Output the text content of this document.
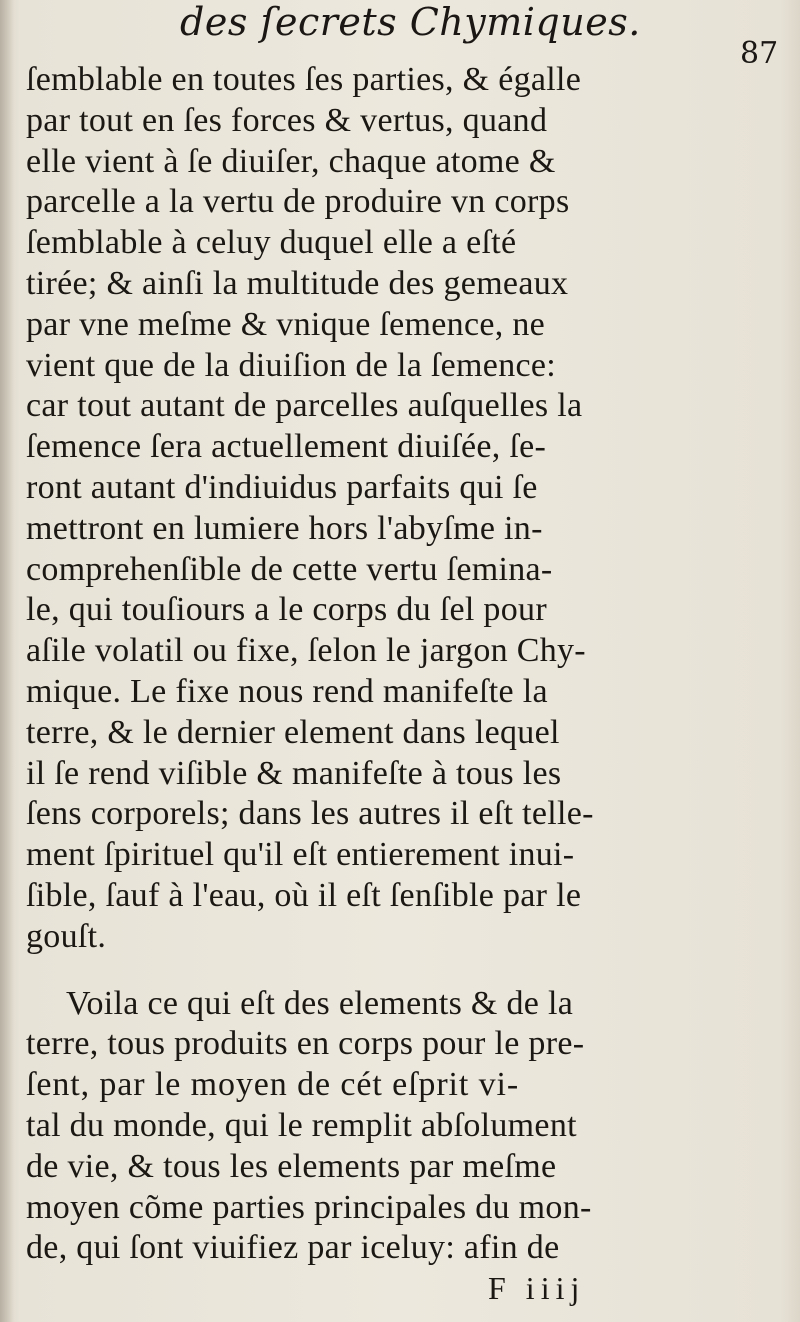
des ſecrets Chymiques.
87
ſemblable en toutes ſes parties, & égalle
par tout en ſes forces & vertus, quand
elle vient à ſe diuiſer, chaque atome &
parcelle a la vertu de produire vn corps
ſemblable à celuy duquel elle a eſté
tirée; & ainſi la multitude des gemeaux
par vne meſme & vnique ſemence, ne
vient que de la diuiſion de la ſemence:
car tout autant de parcelles auſquelles la
ſemence ſera actuellement diuiſée, ſe-
ront autant d'indiuidus parfaits qui ſe
mettront en lumiere hors l'abyſme in-
comprehenſible de cette vertu ſemina-
le, qui touſiours a le corps du ſel pour
aſile volatil ou fixe, ſelon le jargon Chy-
mique. Le fixe nous rend manifeſte la
terre, & le dernier element dans lequel
il ſe rend viſible & manifeſte à tous les
ſens corporels; dans les autres il eſt telle-
ment ſpirituel qu'il eſt entierement inui-
ſible, ſauf à l'eau, où il eſt ſenſible par le
gouſt.
Voila ce qui eſt des elements & de la
terre, tous produits en corps pour le pre-
ſent, par le moyen de cét eſprit vi-
tal du monde, qui le remplit abſolument
de vie, & tous les elements par meſme
moyen cõme parties principales du mon-
de, qui ſont viuifiez par iceluy: afin de
F iiij
